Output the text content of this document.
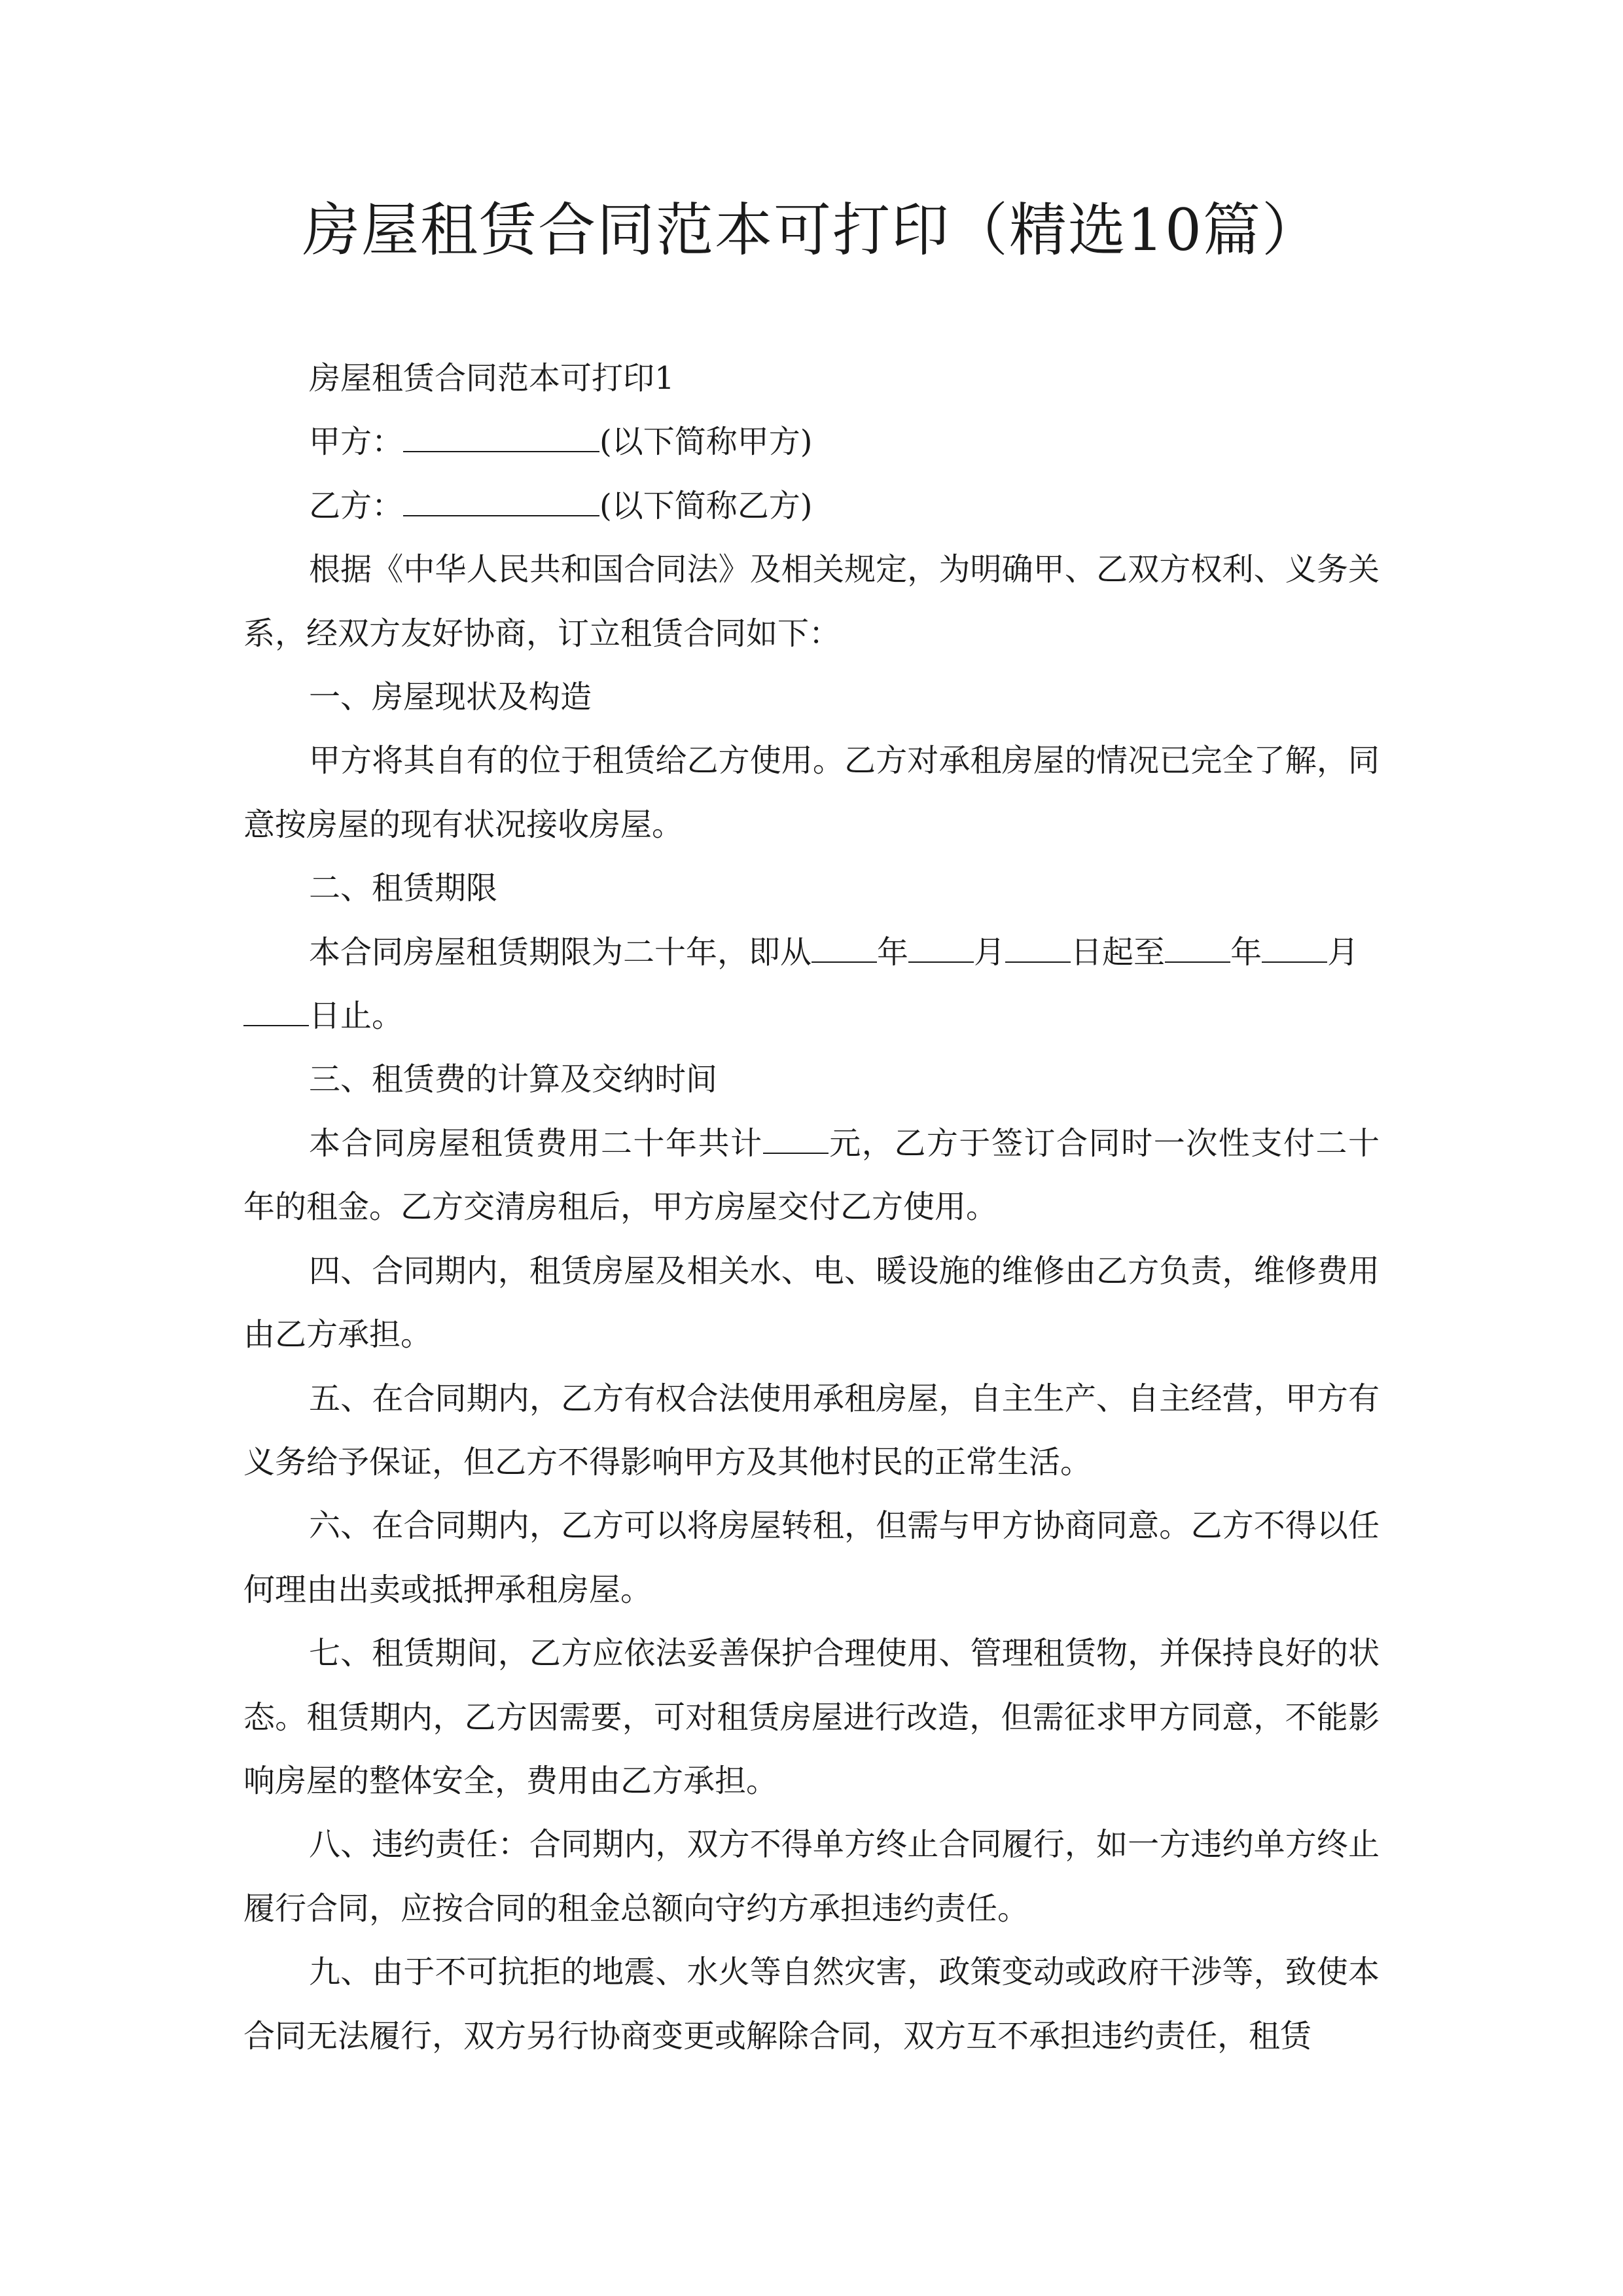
房屋租赁合同范本可打印（精选10篇）

房屋租赁合同范本可打印1

甲方：	(以下简称甲方)

乙方：	(以下简称乙方)

根据《中华人民共和国合同法》及相关规定，为明确甲、乙双方权利、义务关系，经双方友好协商，订立租赁合同如下：

一、房屋现状及构造

甲方将其自有的位于租赁给乙方使用。乙方对承租房屋的情况已完全了解，同意按房屋的现有状况接收房屋。

二、租赁期限

本合同房屋租赁期限为二十年，即从 年 月 日起至 年 月
日止。

三、租赁费的计算及交纳时间

本合同房屋租赁费用二十年共计 元，乙方于签订合同时一次性支付二十年的租金。乙方交清房租后，甲方房屋交付乙方使用。

四、合同期内，租赁房屋及相关水、电、暖设施的维修由乙方负责，维修费用由乙方承担。

五、在合同期内，乙方有权合法使用承租房屋，自主生产、自主经营，甲方有义务给予保证，但乙方不得影响甲方及其他村民的正常生活。

六、在合同期内，乙方可以将房屋转租，但需与甲方协商同意。乙方不得以任何理由出卖或抵押承租房屋。

七、租赁期间，乙方应依法妥善保护合理使用、管理租赁物，并保持良好的状态。租赁期内，乙方因需要，可对租赁房屋进行改造，但需征求甲方同意，不能影响房屋的整体安全，费用由乙方承担。

八、违约责任：合同期内，双方不得单方终止合同履行，如一方违约单方终止履行合同，应按合同的租金总额向守约方承担违约责任。

九、由于不可抗拒的地震、水火等自然灾害，政策变动或政府干涉等，致使本合同无法履行，双方另行协商变更或解除合同，双方互不承担违约责任，租赁
